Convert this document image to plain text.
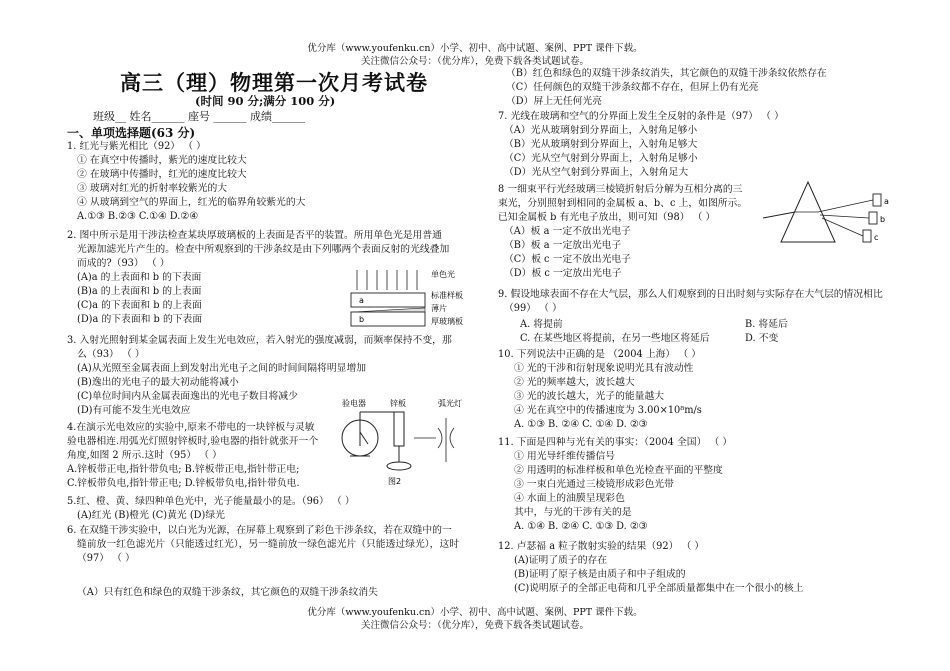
优分库（www.youfenku.cn）小学、初中、高中试题、案例、PPT 课件下载。
关注微信公众号：（优分库），免费下载各类试题试卷。
优分库（www.youfenku.cn）小学、初中、高中试题、案例、PPT 课件下载。
关注微信公众号：（优分库），免费下载各类试题试卷。
高三（理）物理第一次月考试卷
(时间 90 分;满分 100 分)
班级__ 姓名______ 座号 ______ 成绩______
一、单项选择题(63 分)
1. 红光与紫光相比（92） （ ）
① 在真空中传播时，紫光的速度比较大
② 在玻璃中传播时，红光的速度比较大
③ 玻璃对红光的折射率较紫光的大
④ 从玻璃到空气的界面上，红光的临界角较紫光的大
A.①③ B.②③ C.①④ D.②④
2. 图中所示是用干涉法检查某块厚玻璃板的上表面是否平的装置。所用单色光是用普通
光源加滤光片产生的。检查中所观察到的干涉条纹是由下列哪两个表面反射的光线叠加
而成的?（93） （ ）
(A)a 的上表面和 b 的下表面
(B)a 的上表面和 b 的上表面
(C)a 的下表面和 b 的上表面
(D)a 的下表面和 b 的下表面
a
b
单色光
标准样板
薄片
厚玻璃板
3. 入射光照射到某金属表面上发生光电效应，若入射光的强度减弱，而频率保持不变，那
么（93） （ ）
(A)从光照至金属表面上到发射出光电子之间的时间间隔将明显增加
(B)逸出的光电子的最大初动能将减小
(C)单位时间内从金属表面逸出的光电子数目将减少
(D)有可能不发生光电效应
4.在演示光电效应的实验中,原来不带电的一块锌板与灵敏
验电器相连.用弧光灯照射锌板时,验电器的指针就张开一个
角度,如图 2 所示.这时（95） （ ）
A.锌板带正电,指针带负电; B.锌板带正电,指针带正电;
C.锌板带负电,指针带正电; D.锌板带负电,指针带负电.
验电器	锌板	弧光灯
图2
5.红、橙、黄、绿四种单色光中，光子能量最小的是。（96） （ ）
(A)红光 (B)橙光 (C)黄光 (D)绿光
6. 在双缝干涉实验中，以白光为光源，在屏幕上观察到了彩色干涉条纹，若在双缝中的一
缝前放一红色滤光片（只能透过红光），另一缝前放一绿色滤光片（只能透过绿光），这时
（97） （ ）
（A）只有红色和绿色的双缝干涉条纹，其它颜色的双缝干涉条纹消失
（B）红色和绿色的双缝干涉条纹消失，其它颜色的双缝干涉条纹依然存在
（C）任何颜色的双缝干涉条纹都不存在，但屏上仍有光亮
（D）屏上无任何光亮
7. 光线在玻璃和空气的分界面上发生全反射的条件是（97） （ ）
（A）光从玻璃射到分界面上，入射角足够小
（B）光从玻璃射到分界面上，入射角足够大
（C）光从空气射到分界面上，入射角足够小
（D）光从空气射到分界面上，入射角足大
8 一细束平行光经玻璃三棱镜折射后分解为互相分离的三
束光，分别照射到相同的金属板 a、b、c 上，如图所示。
已知金属板 b 有光电子放出，则可知（98） （ ）
（A）板 a 一定不放出光电子
（B）板 a 一定放出光电子
（C）板 c 一定不放出光电子
（D）板 c 一定放出光电子
a
b
c
9. 假设地球表面不存在大气层，那么人们观察到的日出时刻与实际存在大气层的情况相比
（99） （ ）
A. 将提前	B. 将延后
C. 在某些地区将提前，在另一些地区将延后	D. 不变
10. 下列说法中正确的是 （2004 上海） （ ）
① 光的干涉和衍射现象说明光具有波动性
② 光的频率越大，波长越大
③ 光的波长越大，光子的能量越大
④ 光在真空中的传播速度为 3.00×10⁸m/s
A. ①③ B. ②④ C. ①④ D. ②③
11. 下面是四种与光有关的事实：（2004 全国） （ ）
① 用光导纤维传播信号
② 用透明的标准样板和单色光检查平面的平整度
③ 一束白光通过三棱镜形成彩色光带
④ 水面上的油膜呈现彩色
其中，与光的干涉有关的是
A. ①④ B. ②④ C. ①③ D. ②③
12. 卢瑟福 a 粒子散射实验的结果（92） （ ）
(A)证明了质子的存在
(B)证明了原子核是由质子和中子组成的
(C)说明原子的全部正电荷和几乎全部质量都集中在一个很小的核上
